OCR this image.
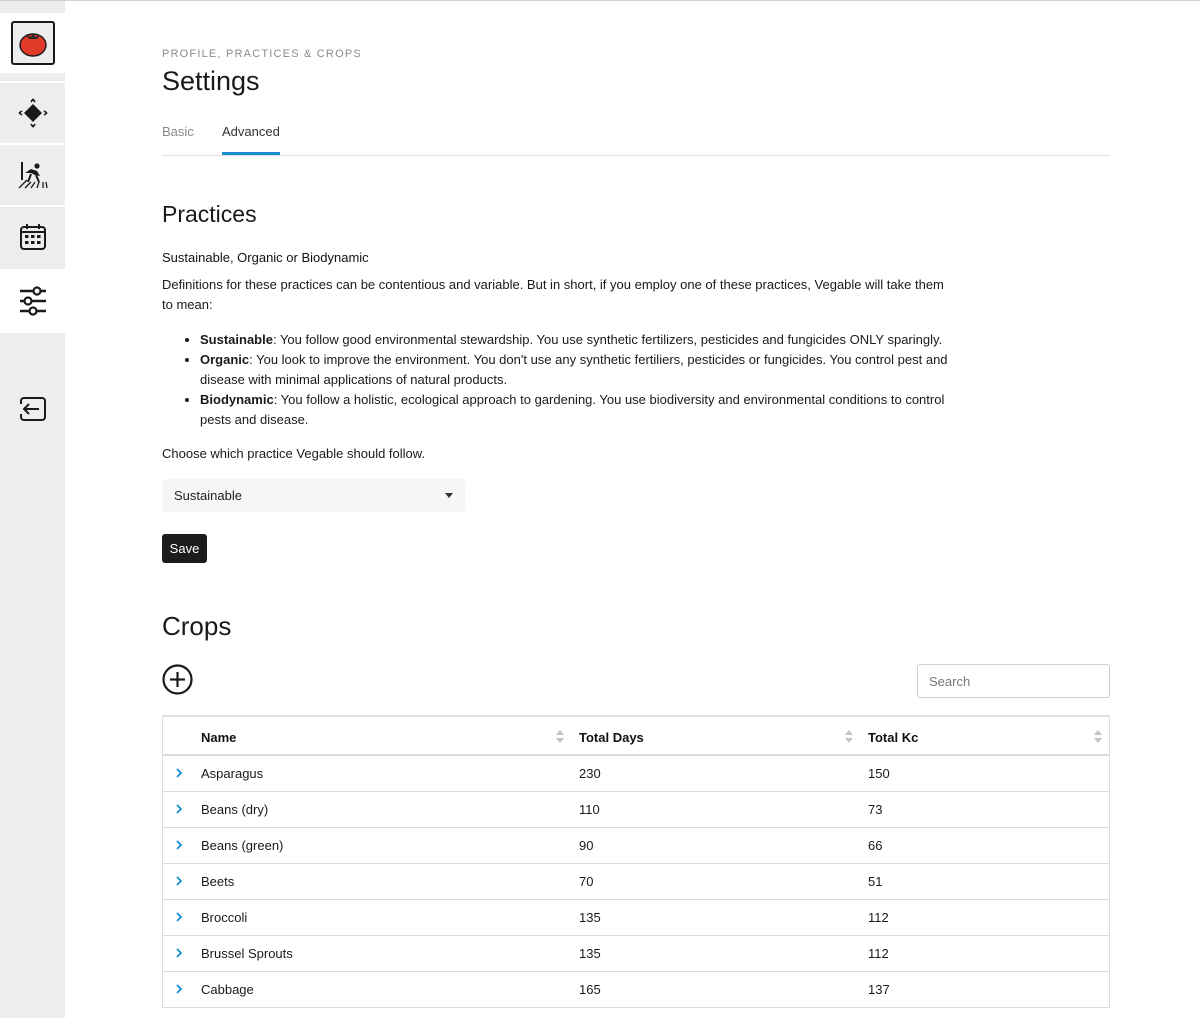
PROFILE, PRACTICES & CROPS
Settings
Basic Advanced
Practices
Sustainable, Organic or Biodynamic

Definitions for these practices can be contentious and variable. But in short, if you employ one of these practices, Vegable will take them to mean:

• Sustainable: You follow good environmental stewardship. You use synthetic fertilizers, pesticides and fungicides ONLY sparingly.
• Organic: You look to improve the environment. You don't use any synthetic fertiliers, pesticides or fungicides. You control pest and disease with minimal applications of natural products.
• Biodynamic: You follow a holistic, ecological approach to gardening. You use biodiversity and environmental conditions to control pests and disease.

Choose which practice Vegable should follow.

Sustainable
Save
Crops
Search
Name	Total Days	Total Kc
Asparagus	230	150
Beans (dry)	110	73
Beans (green)	90	66
Beets	70	51
Broccoli	135	112
Brussel Sprouts	135	112
Cabbage	165	137
